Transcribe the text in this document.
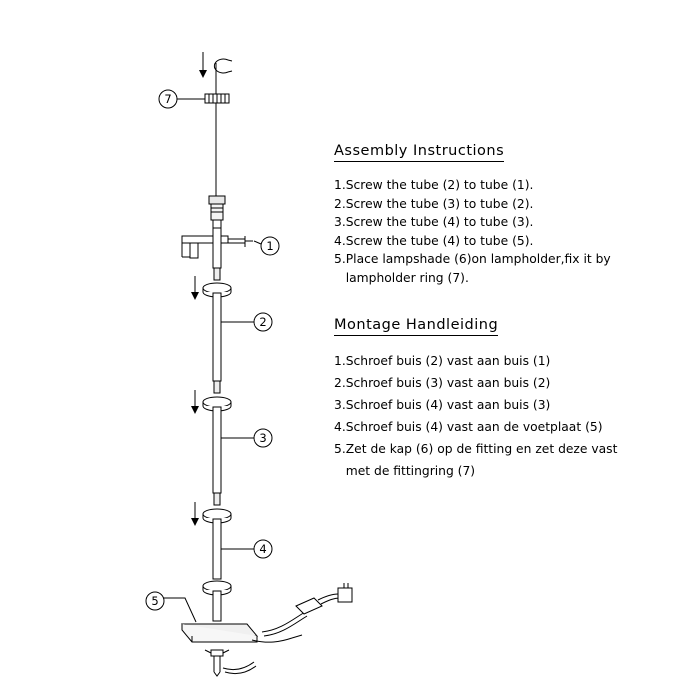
7
1
2
3
4
5
Assembly Instructions
1.Screw the tube (2) to tube (1).
2.Screw the tube (3) to tube (2).
3.Screw the tube (4) to tube (3).
4.Screw the tube (4) to tube (5).
5.Place lampshade (6)on lampholder,fix it by
lampholder ring (7).
Montage Handleiding
1.Schroef buis (2) vast aan buis (1)
2.Schroef buis (3) vast aan buis (2)
3.Schroef buis (4) vast aan buis (3)
4.Schroef buis (4) vast aan de voetplaat (5)
5.Zet de kap (6) op de fitting en zet deze vast
met de fittingring (7)
